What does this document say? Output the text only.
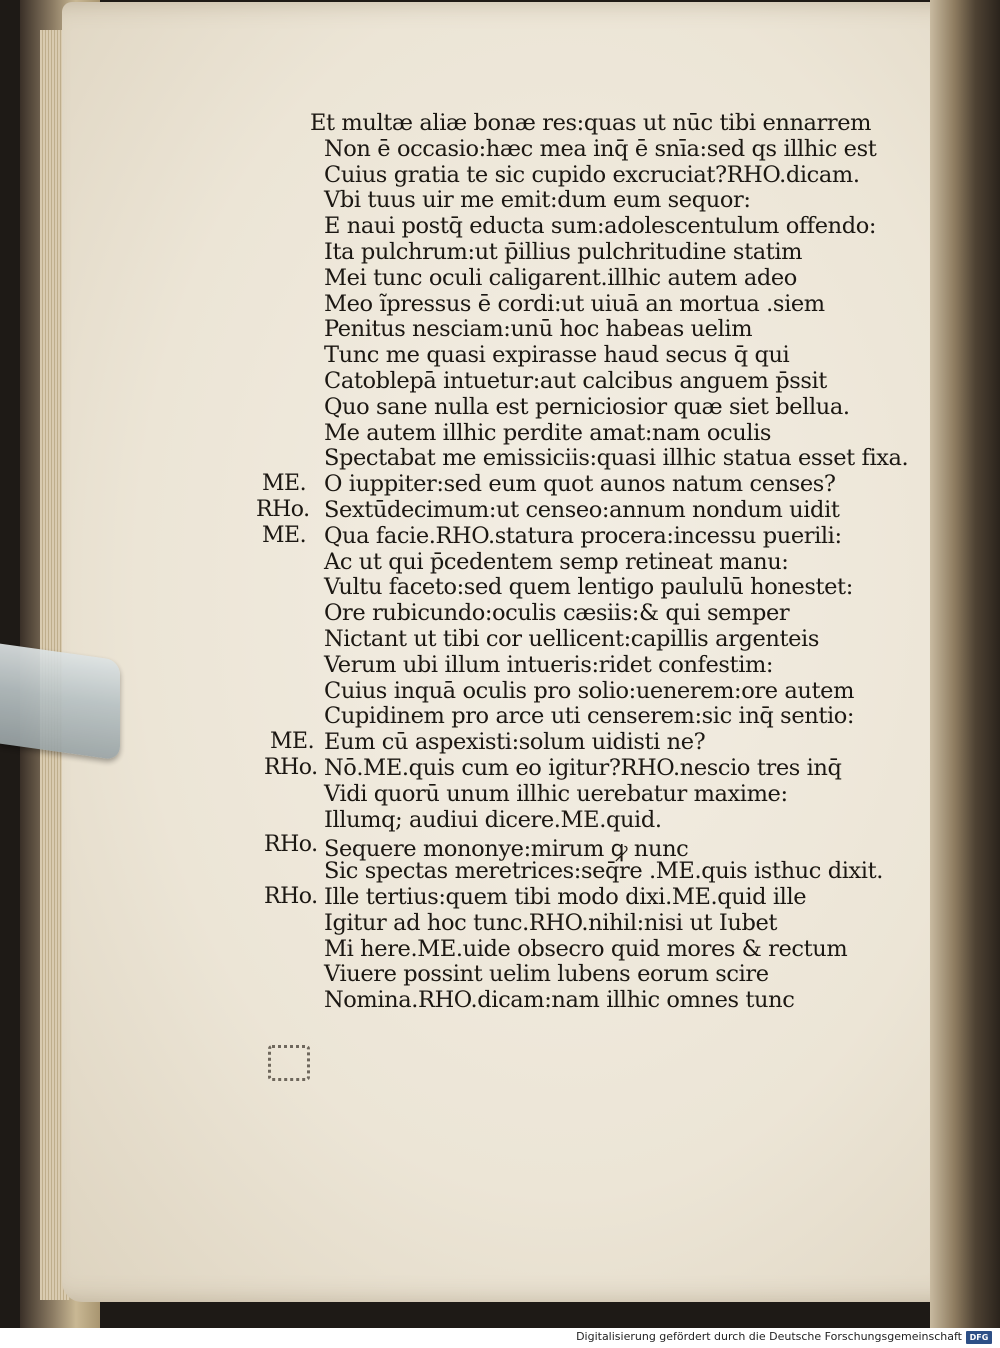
Et multæ aliæ bonæ res:quas ut nūc tibi ennarrem
Non ē occasio:hæc mea inq̄ ē snīa:sed qs illhic est
Cuius gratia te sic cupido excruciat?RHO.dicam.
Vbi tuus uir me emit:dum eum sequor:
E naui postq̄ educta sum:adolescentulum offendo:
Ita pulchrum:ut p̄illius pulchritudine statim
Mei tunc oculi caligarent.illhic autem adeo
Meo ĩpressus ē cordi:ut uiuā an mortua .siem
Penitus nesciam:unū hoc habeas uelim
Tunc me quasi expirasse haud secus q̄ qui
Catoblepā intuetur:aut calcibus anguem p̄ssit
Quo sane nulla est perniciosior quæ siet bellua.
Me autem illhic perdite amat:nam oculis
Spectabat me emissiciis:quasi illhic statua esset fixa.
O iuppiter:sed eum quot aunos natum censes?
Sextūdecimum:ut censeo:annum nondum uidit
Qua facie.RHO.statura procera:incessu puerili:
Ac ut qui p̄cedentem semp retineat manu:
Vultu faceto:sed quem lentigo paululū honestet:
Ore rubicundo:oculis cæsiis:& qui semper
Nictant ut tibi cor uellicent:capillis argenteis
Verum ubi illum intueris:ridet confestim:
Cuius inquā oculis pro solio:uenerem:ore autem
Cupidinem pro arce uti censerem:sic inq̄ sentio:
Eum cū aspexisti:solum uidisti ne?
Nō.ME.quis cum eo igitur?RHO.nescio tres inq̄
Vidi quorū unum illhic uerebatur maxime:
Illumq; audiui dicere.ME.quid.
Sequere mononye:mirum ꝙ nunc
Sic spectas meretrices:seq̄re .ME.quis isthuc dixit.
Ille tertius:quem tibi modo dixi.ME.quid ille
Igitur ad hoc tunc.RHO.nihil:nisi ut Iubet
Mi here.ME.uide obsecro quid mores & rectum
Viuere possint uelim lubens eorum scire
Nomina.RHO.dicam:nam illhic omnes tunc
ME.
RHo.
ME.
ME.
RHo.
RHo.
RHo.
Digitalisierung gefördert durch die Deutsche Forschungsgemeinschaft DFG
